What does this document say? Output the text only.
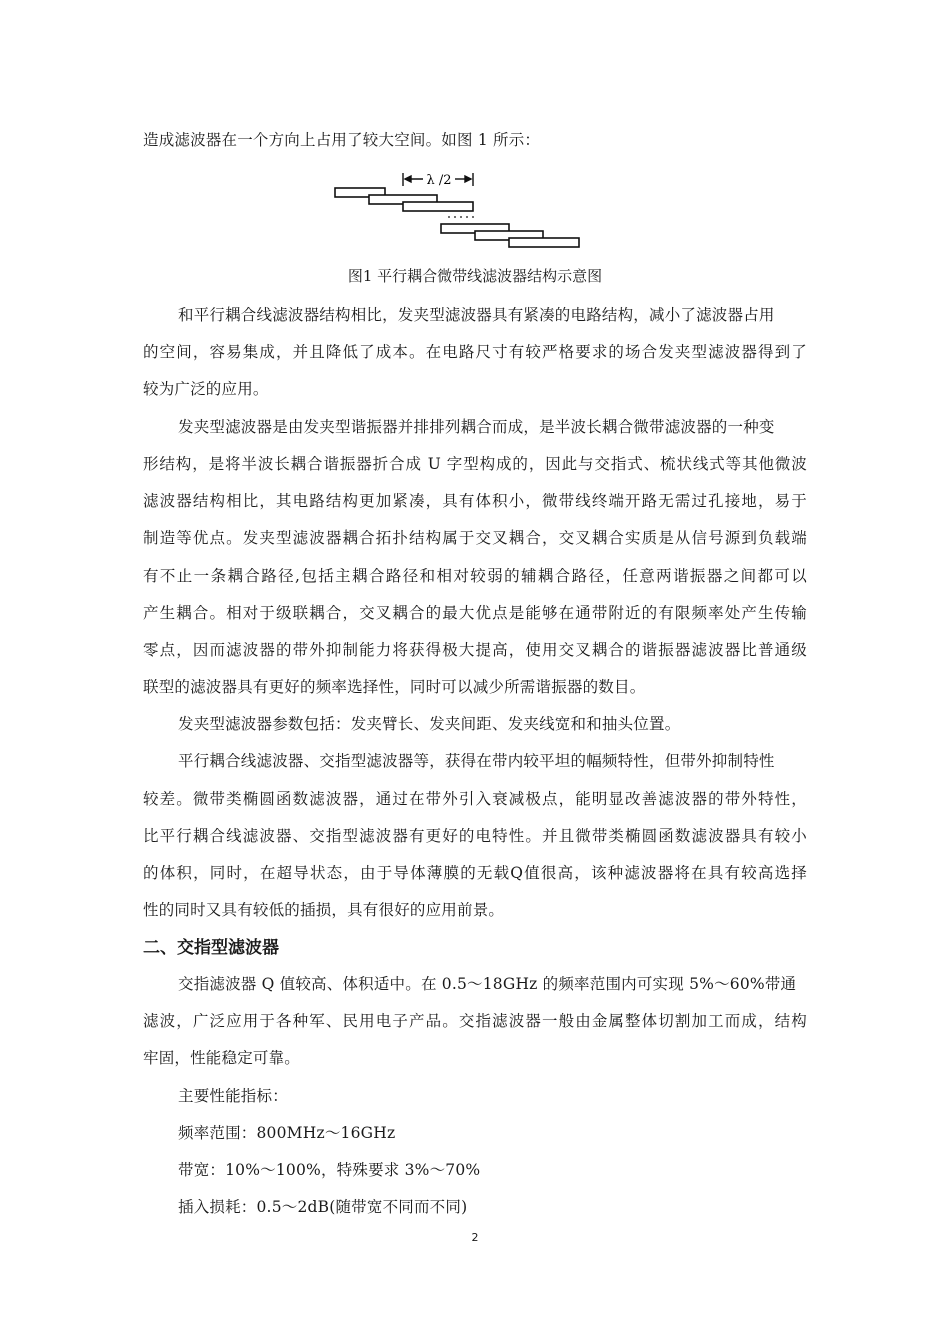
造成滤波器在一个方向上占用了较大空间。如图 1 所示：
λ /2
图1 平行耦合微带线滤波器结构示意图
和平行耦合线滤波器结构相比，发夹型滤波器具有紧凑的电路结构，减小了滤波器占用
的空间，容易集成，并且降低了成本。在电路尺寸有较严格要求的场合发夹型滤波器得到了
较为广泛的应用。
发夹型滤波器是由发夹型谐振器并排排列耦合而成，是半波长耦合微带滤波器的一种变
形结构，是将半波长耦合谐振器折合成 U 字型构成的，因此与交指式、梳状线式等其他微波
滤波器结构相比，其电路结构更加紧凑，具有体积小，微带线终端开路无需过孔接地，易于
制造等优点。发夹型滤波器耦合拓扑结构属于交叉耦合，交叉耦合实质是从信号源到负载端
有不止一条耦合路径,包括主耦合路径和相对较弱的辅耦合路径，任意两谐振器之间都可以
产生耦合。相对于级联耦合，交叉耦合的最大优点是能够在通带附近的有限频率处产生传输
零点，因而滤波器的带外抑制能力将获得极大提高，使用交叉耦合的谐振器滤波器比普通级
联型的滤波器具有更好的频率选择性，同时可以减少所需谐振器的数目。
发夹型滤波器参数包括：发夹臂长、发夹间距、发夹线宽和和抽头位置。
平行耦合线滤波器、交指型滤波器等，获得在带内较平坦的幅频特性，但带外抑制特性
较差。微带类椭圆函数滤波器，通过在带外引入衰减极点，能明显改善滤波器的带外特性，
比平行耦合线滤波器、交指型滤波器有更好的电特性。并且微带类椭圆函数滤波器具有较小
的体积，同时，在超导状态，由于导体薄膜的无载Q值很高，该种滤波器将在具有较高选择
性的同时又具有较低的插损，具有很好的应用前景。
二、交指型滤波器
交指滤波器 Q 值较高、体积适中。在 0.5～18GHz 的频率范围内可实现 5%～60%带通
滤波，广泛应用于各种军、民用电子产品。交指滤波器一般由金属整体切割加工而成，结构
牢固，性能稳定可靠。
主要性能指标：
频率范围：800MHz～16GHz
带宽：10%～100%，特殊要求 3%～70%
插入损耗：0.5～2dB(随带宽不同而不同)
2
